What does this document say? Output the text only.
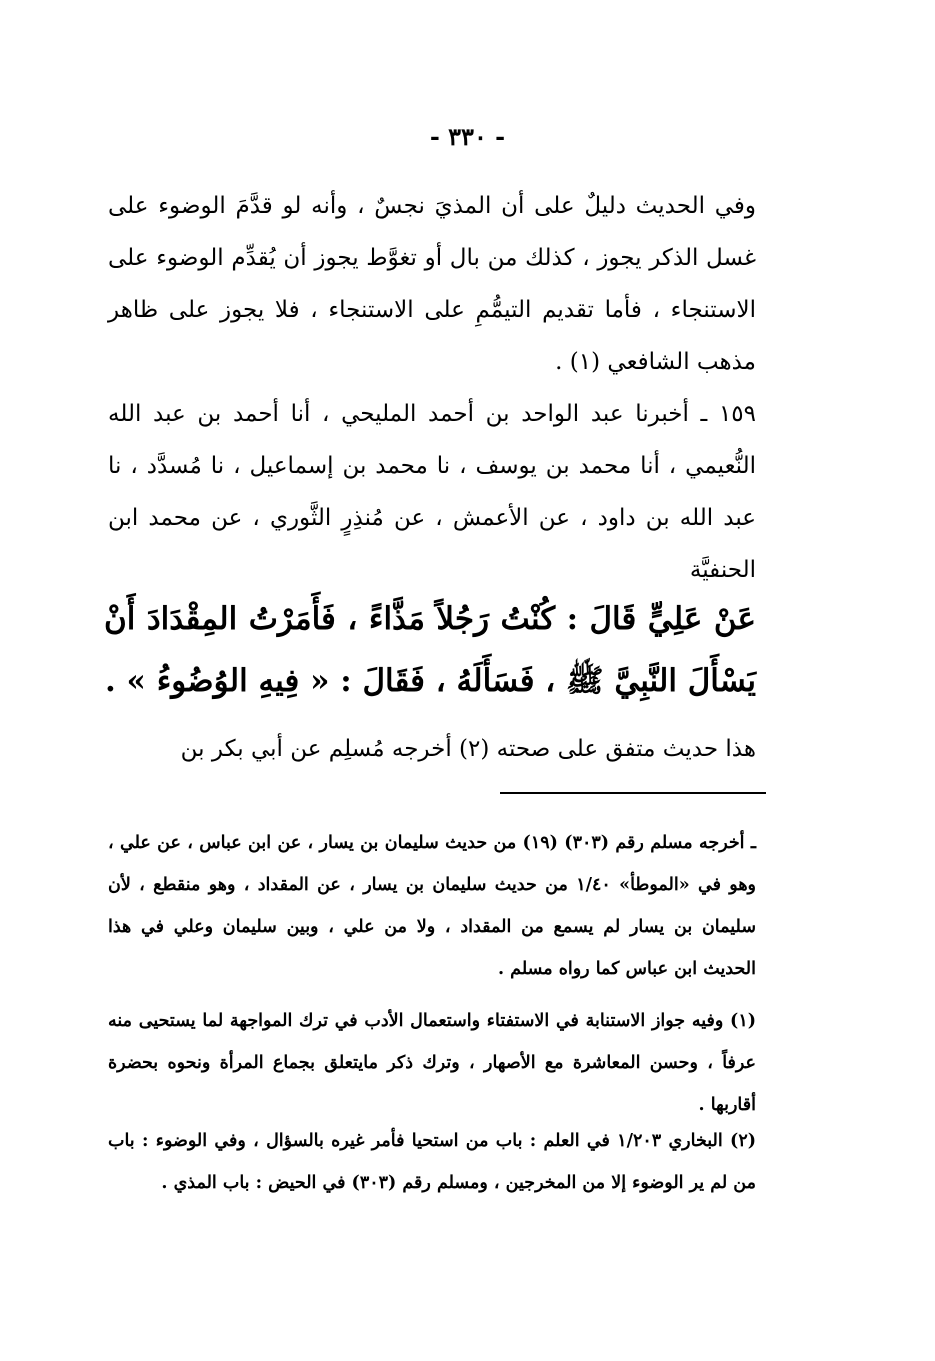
- ٣٣٠ -

وفي الحديث دليلٌ على أن المذيَ نجسٌ ، وأنه لو قدَّمَ الوضوء على غسل الذكر يجوز ، كذلك من بال أو تغوَّط يجوز أن يُقدِّم الوضوء على الاستنجاء ، فأما تقديم التيمُّمِ على الاستنجاء ، فلا يجوز على ظاهر مذهب الشافعي (١) .

١٥٩ ـ أخبرنا عبد الواحد بن أحمد المليحي ، أنا أحمد بن عبد الله النُّعيمي ، أنا محمد بن يوسف ، نا محمد بن إسماعيل ، نا مُسدَّد ، نا عبد الله بن داود ، عن الأعمش ، عن مُنذِرٍ الثَّوري ، عن محمد ابن الحنفيَّة

عَنْ عَلِيٍّ قَالَ : كُنْتُ رَجُلاً مَذَّاءً ، فَأَمَرْتُ المِقْدَادَ أَنْ يَسْأَلَ النَّبِيَّ ﷺ ، فَسَأَلَهُ ، فَقَالَ : « فِيهِ الوُضُوءُ » .

هذا حديث متفق على صحته (٢) أخرجه مُسلِم عن أبي بكر بن

ـ أخرجه مسلم رقم (٣٠٣) (١٩) من حديث سليمان بن يسار ، عن ابن عباس ، عن علي ، وهو في «الموطأ» ١/٤٠ من حديث سليمان بن يسار ، عن المقداد ، وهو منقطع ، لأن سليمان بن يسار لم يسمع من المقداد ، ولا من علي ، وبين سليمان وعلي في هذا الحديث ابن عباس كما رواه مسلم .

(١) وفيه جواز الاستنابة في الاستفتاء واستعمال الأدب في ترك المواجهة لما يستحيى منه عرفاً ، وحسن المعاشرة مع الأصهار ، وترك ذكر مايتعلق بجماع المرأة ونحوه بحضرة أقاربها .

(٢) البخاري ١/٢٠٣ في العلم : باب من استحيا فأمر غيره بالسؤال ، وفي الوضوء : باب من لم ير الوضوء إلا من المخرجين ، ومسلم رقم (٣٠٣) في الحيض : باب المذي .
